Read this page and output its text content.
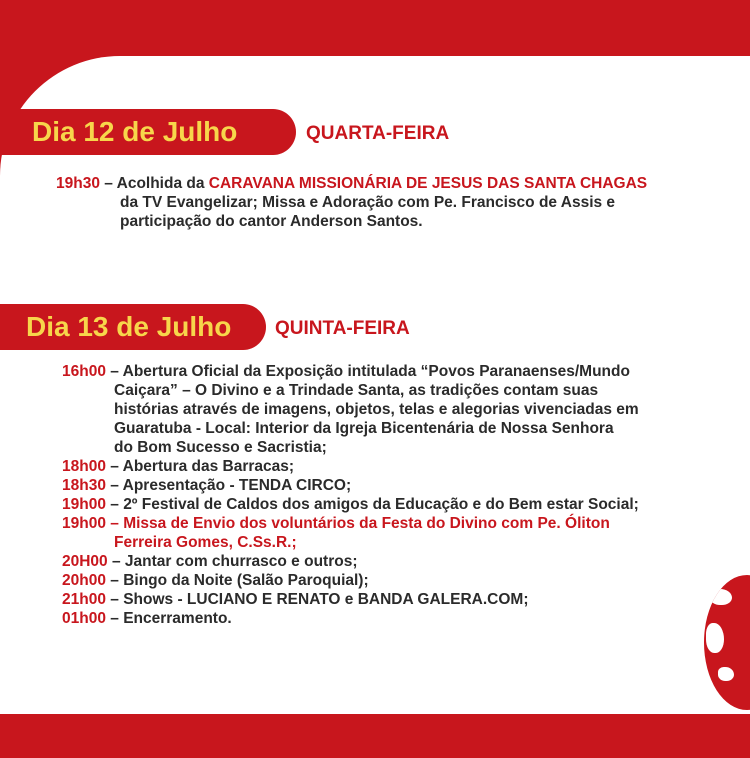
Dia 12 de Julho	QUARTA-FEIRA
19h30 – Acolhida da CARAVANA MISSIONÁRIA DE JESUS DAS SANTA CHAGAS
da TV Evangelizar; Missa e Adoração com Pe. Francisco de Assis e
participação do cantor Anderson Santos.
Dia 13 de Julho QUINTA-FEIRA
16h00 – Abertura Oficial da Exposição intitulada “Povos Paranaenses/Mundo
Caiçara” – O Divino e a Trindade Santa, as tradições contam suas
histórias através de imagens, objetos, telas e alegorias vivenciadas em
Guaratuba - Local: Interior da Igreja Bicentenária de Nossa Senhora
do Bom Sucesso e Sacristia;
18h00 – Abertura das Barracas;
18h30 – Apresentação - TENDA CIRCO;
19h00 – 2º Festival de Caldos dos amigos da Educação e do Bem estar Social;
19h00 – Missa de Envio dos voluntários da Festa do Divino com Pe. Óliton
Ferreira Gomes, C.Ss.R.;
20H00 – Jantar com churrasco e outros;
20h00 – Bingo da Noite (Salão Paroquial);
21h00 – Shows - LUCIANO E RENATO e BANDA GALERA.COM;
01h00 – Encerramento.
